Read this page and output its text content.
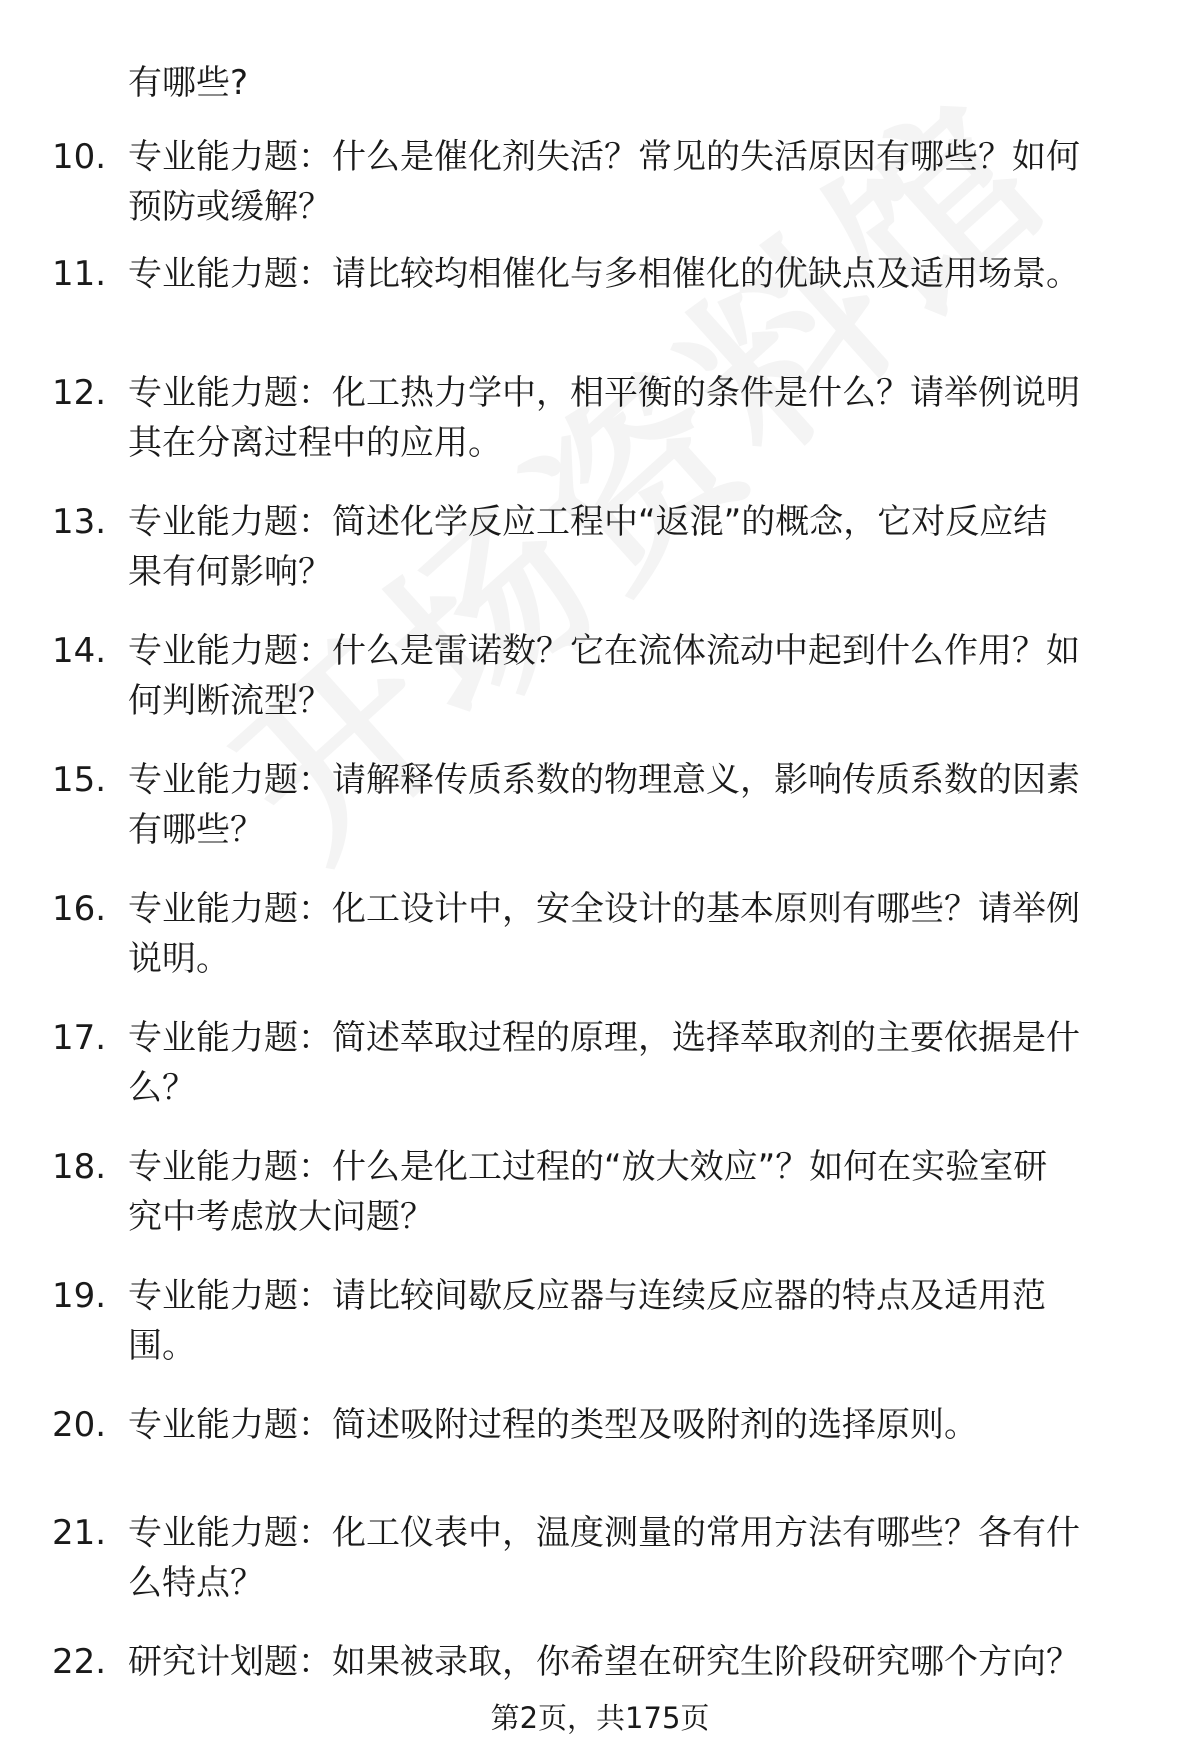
有哪些?
10. 专业能力题：什么是催化剂失活？常见的失活原因有哪些？如何
预防或缓解？
11. 专业能力题：请比较均相催化与多相催化的优缺点及适用场景。
12. 专业能力题：化工热力学中，相平衡的条件是什么？请举例说明
其在分离过程中的应用。
13. 专业能力题：简述化学反应工程中“返混”的概念，它对反应结
果有何影响？
14. 专业能力题：什么是雷诺数？它在流体流动中起到什么作用？如
何判断流型？
15. 专业能力题：请解释传质系数的物理意义，影响传质系数的因素
有哪些？
16. 专业能力题：化工设计中，安全设计的基本原则有哪些？请举例
说明。
17. 专业能力题：简述萃取过程的原理，选择萃取剂的主要依据是什
么？
18. 专业能力题：什么是化工过程的“放大效应”？如何在实验室研
究中考虑放大问题？
19. 专业能力题：请比较间歇反应器与连续反应器的特点及适用范
围。
20. 专业能力题：简述吸附过程的类型及吸附剂的选择原则。
21. 专业能力题：化工仪表中，温度测量的常用方法有哪些？各有什
么特点？
22. 研究计划题：如果被录取，你希望在研究生阶段研究哪个方向？
第2页，共175页
